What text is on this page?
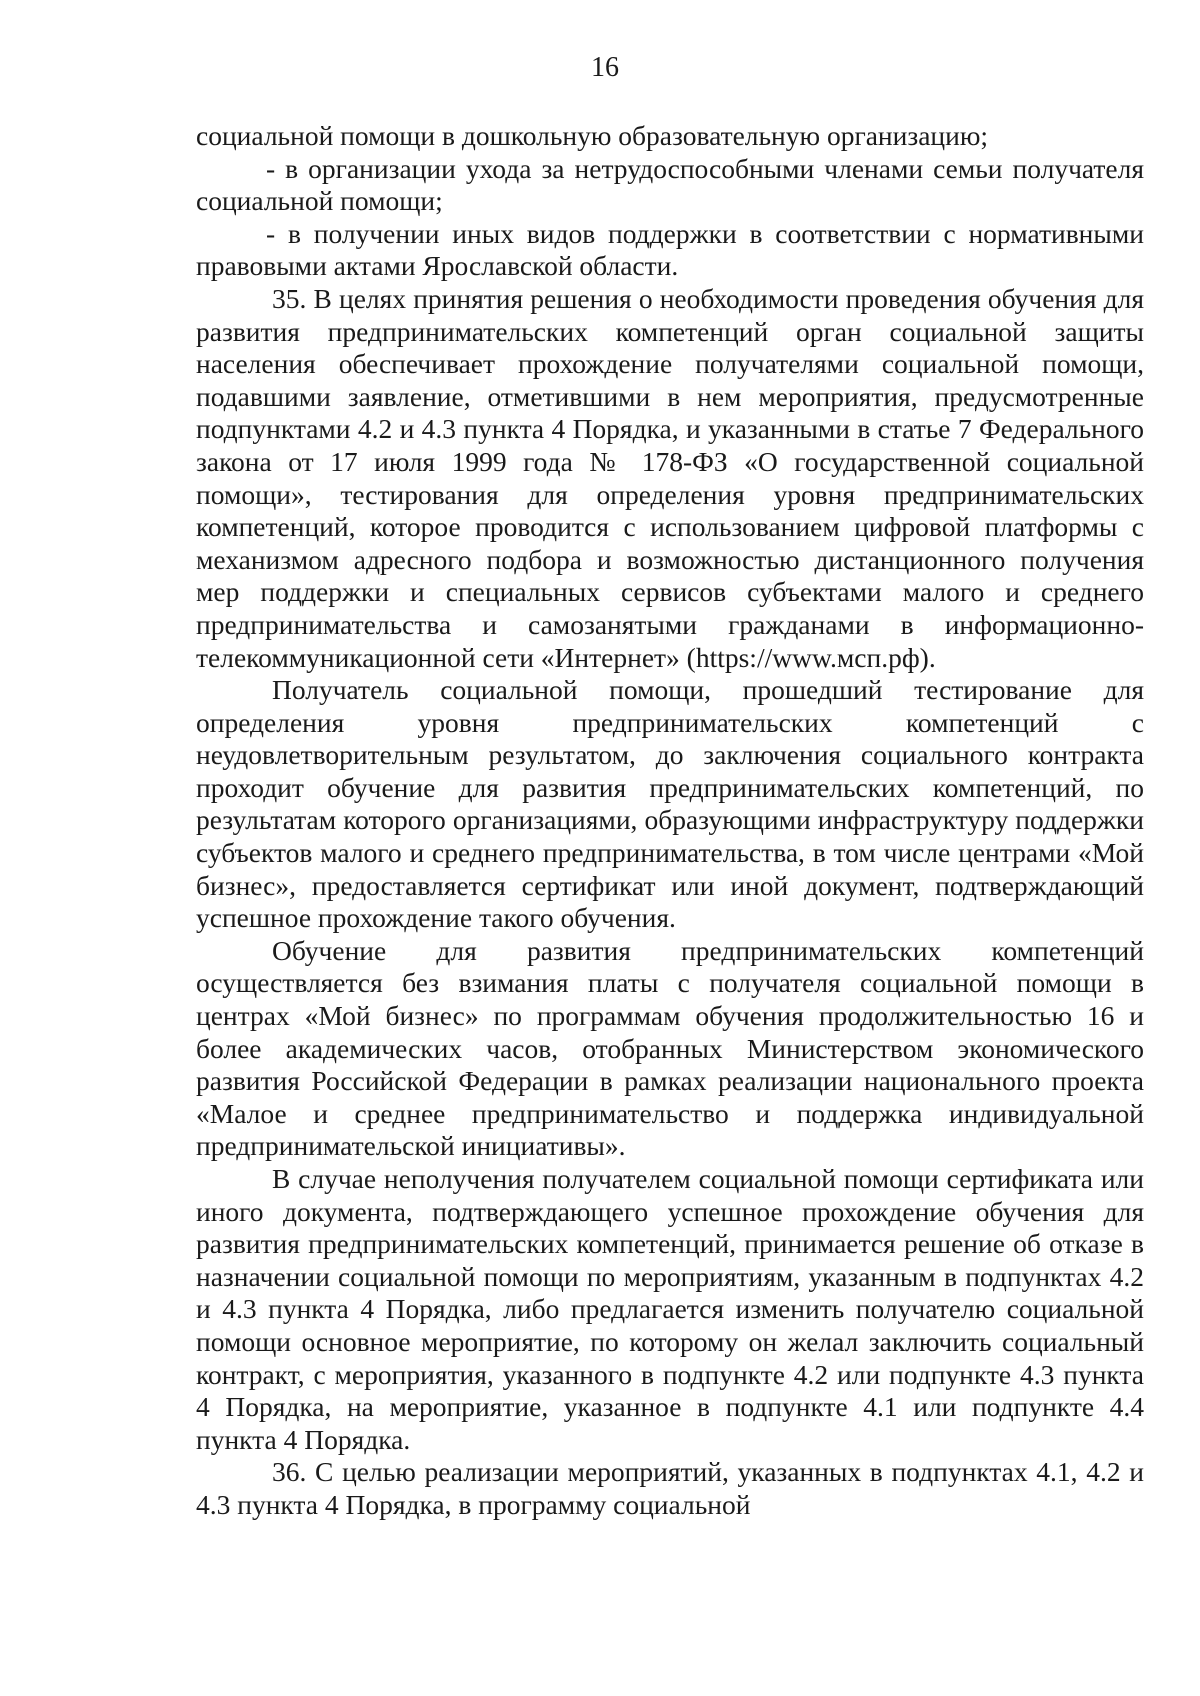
16

социальной помощи в дошкольную образовательную организацию;

- в организации ухода за нетрудоспособными членами семьи получателя социальной помощи;

- в получении иных видов поддержки в соответствии с нормативными правовыми актами Ярославской области.

35. В целях принятия решения о необходимости проведения обучения для развития предпринимательских компетенций орган социальной защиты населения обеспечивает прохождение получателями социальной помощи, подавшими заявление, отметившими в нем мероприятия, предусмотренные подпунктами 4.2 и 4.3 пункта 4 Порядка, и указанными в статье 7 Федерального закона от 17 июля 1999 года № 178-ФЗ «О государственной социальной помощи», тестирования для определения уровня предпринимательских компетенций, которое проводится с использованием цифровой платформы с механизмом адресного подбора и возможностью дистанционного получения мер поддержки и специальных сервисов субъектами малого и среднего предпринимательства и самозанятыми гражданами в информационно-телекоммуникационной сети «Интернет» (https://www.мсп.рф).

Получатель социальной помощи, прошедший тестирование для определения уровня предпринимательских компетенций с неудовлетворительным результатом, до заключения социального контракта проходит обучение для развития предпринимательских компетенций, по результатам которого организациями, образующими инфраструктуру поддержки субъектов малого и среднего предпринимательства, в том числе центрами «Мой бизнес», предоставляется сертификат или иной документ, подтверждающий успешное прохождение такого обучения.

Обучение для развития предпринимательских компетенций осуществляется без взимания платы с получателя социальной помощи в центрах «Мой бизнес» по программам обучения продолжительностью 16 и более академических часов, отобранных Министерством экономического развития Российской Федерации в рамках реализации национального проекта «Малое и среднее предпринимательство и поддержка индивидуальной предпринимательской инициативы».

В случае неполучения получателем социальной помощи сертификата или иного документа, подтверждающего успешное прохождение обучения для развития предпринимательских компетенций, принимается решение об отказе в назначении социальной помощи по мероприятиям, указанным в подпунктах 4.2 и 4.3 пункта 4 Порядка, либо предлагается изменить получателю социальной помощи основное мероприятие, по которому он желал заключить социальный контракт, с мероприятия, указанного в подпункте 4.2 или подпункте 4.3 пункта 4 Порядка, на мероприятие, указанное в подпункте 4.1 или подпункте 4.4 пункта 4 Порядка.

36. С целью реализации мероприятий, указанных в подпунктах 4.1, 4.2 и 4.3 пункта 4 Порядка, в программу социальной
